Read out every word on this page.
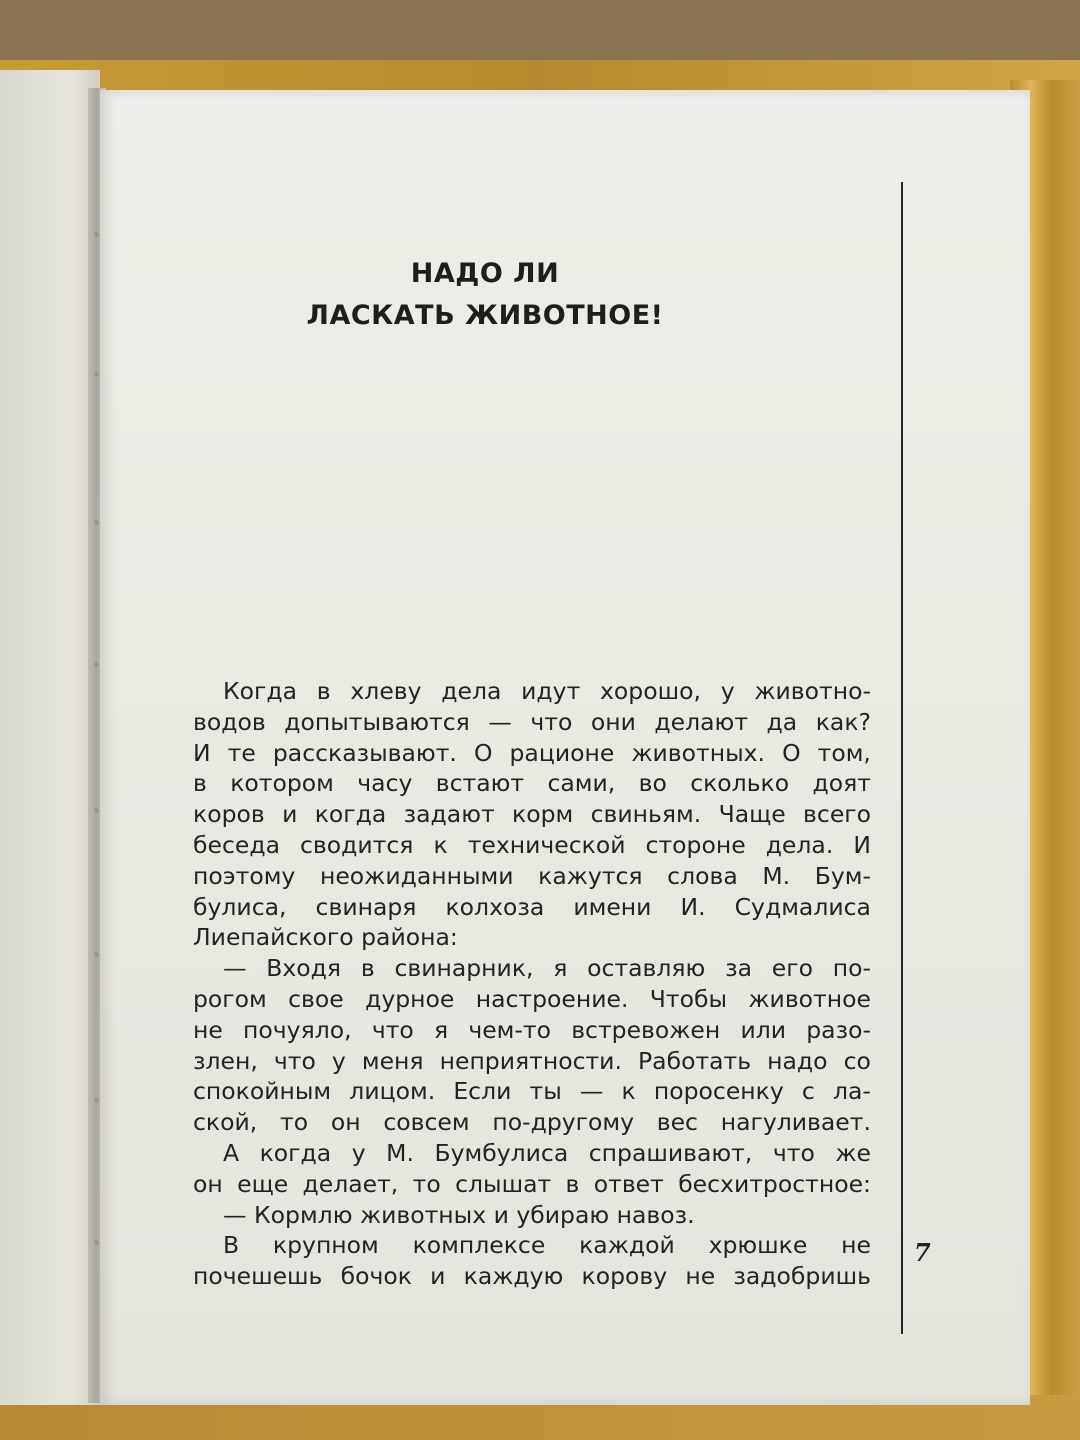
НАДО ЛИ
ЛАСКАТЬ ЖИВОТНОЕ!
Когда в хлеву дела идут хорошо, у животно-
водов допытываются — что они делают да как?
И те рассказывают. О рационе животных. О том,
в котором часу встают сами, во сколько доят
коров и когда задают корм свиньям. Чаще всего
беседа сводится к технической стороне дела. И
поэтому неожиданными кажутся слова М. Бум-
булиса, свинаря колхоза имени И. Судмалиса
Лиепайского района:
— Входя в свинарник, я оставляю за его по-
рогом свое дурное настроение. Чтобы животное
не почуяло, что я чем-то встревожен или разо-
злен, что у меня неприятности. Работать надо со
спокойным лицом. Если ты — к поросенку с ла-
ской, то он совсем по-другому вес нагуливает.
А когда у М. Бумбулиса спрашивают, что же
он еще делает, то слышат в ответ бесхитростное:
— Кормлю животных и убираю навоз.
В крупном комплексе каждой хрюшке не
почешешь бочок и каждую корову не задобришь
7
